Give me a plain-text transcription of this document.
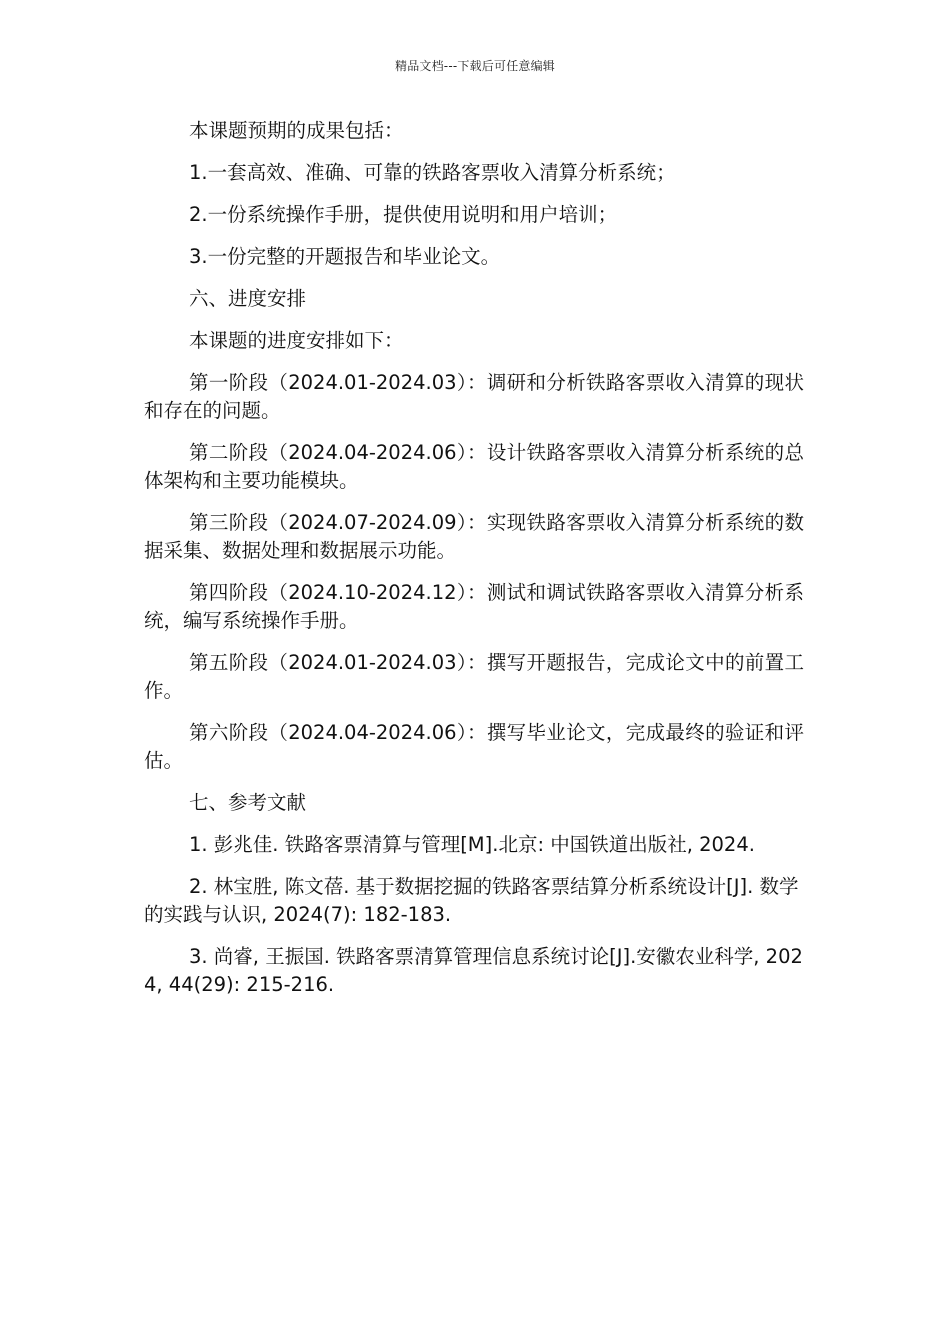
精品文档---下载后可任意编辑

本课题预期的成果包括：

1.一套高效、准确、可靠的铁路客票收入清算分析系统；

2.一份系统操作手册，提供使用说明和用户培训；

3.一份完整的开题报告和毕业论文。

六、进度安排

本课题的进度安排如下：

第一阶段（2024.01-2024.03）：调研和分析铁路客票收入清算的现状和存在的问题。

第二阶段（2024.04-2024.06）：设计铁路客票收入清算分析系统的总体架构和主要功能模块。

第三阶段（2024.07-2024.09）：实现铁路客票收入清算分析系统的数据采集、数据处理和数据展示功能。

第四阶段（2024.10-2024.12）：测试和调试铁路客票收入清算分析系统，编写系统操作手册。

第五阶段（2024.01-2024.03）：撰写开题报告，完成论文中的前置工作。

第六阶段（2024.04-2024.06）：撰写毕业论文，完成最终的验证和评估。

七、参考文献

1. 彭兆佳. 铁路客票清算与管理[M].北京: 中国铁道出版社, 2024.

2. 林宝胜, 陈文蓓. 基于数据挖掘的铁路客票结算分析系统设计[J]. 数学的实践与认识, 2024(7): 182-183.

3. 尚睿, 王振国. 铁路客票清算管理信息系统讨论[J].安徽农业科学, 2024, 44(29): 215-216.
